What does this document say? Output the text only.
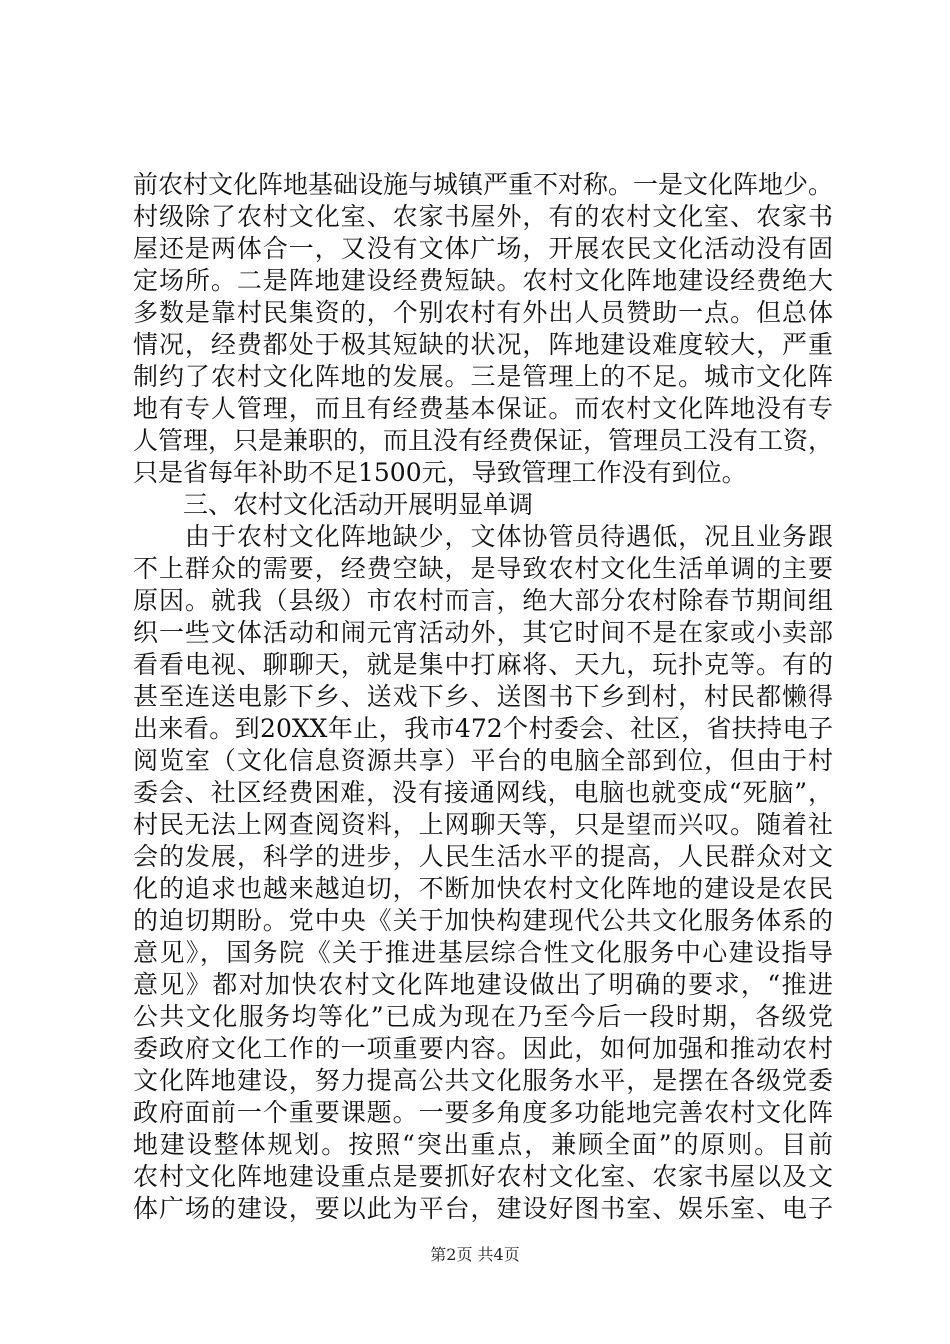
前农村文化阵地基础设施与城镇严重不对称。一是文化阵地少。
村级除了农村文化室、农家书屋外，有的农村文化室、农家书
屋还是两体合一，又没有文体广场，开展农民文化活动没有固
定场所。二是阵地建设经费短缺。农村文化阵地建设经费绝大
多数是靠村民集资的，个别农村有外出人员赞助一点。但总体
情况，经费都处于极其短缺的状况，阵地建设难度较大，严重
制约了农村文化阵地的发展。三是管理上的不足。城市文化阵
地有专人管理，而且有经费基本保证。而农村文化阵地没有专
人管理，只是兼职的，而且没有经费保证，管理员工没有工资，
只是省每年补助不足1500元，导致管理工作没有到位。
　　三、农村文化活动开展明显单调
　　由于农村文化阵地缺少，文体协管员待遇低，况且业务跟
不上群众的需要，经费空缺，是导致农村文化生活单调的主要
原因。就我（县级）市农村而言，绝大部分农村除春节期间组
织一些文体活动和闹元宵活动外，其它时间不是在家或小卖部
看看电视、聊聊天，就是集中打麻将、天九，玩扑克等。有的
甚至连送电影下乡、送戏下乡、送图书下乡到村，村民都懒得
出来看。到20XX年止，我市472个村委会、社区，省扶持电子
阅览室（文化信息资源共享）平台的电脑全部到位，但由于村
委会、社区经费困难，没有接通网线，电脑也就变成“死脑”，
村民无法上网查阅资料，上网聊天等，只是望而兴叹。随着社
会的发展，科学的进步，人民生活水平的提高，人民群众对文
化的追求也越来越迫切，不断加快农村文化阵地的建设是农民
的迫切期盼。党中央《关于加快构建现代公共文化服务体系的
意见》，国务院《关于推进基层综合性文化服务中心建设指导
意见》都对加快农村文化阵地建设做出了明确的要求，“推进
公共文化服务均等化”已成为现在乃至今后一段时期，各级党
委政府文化工作的一项重要内容。因此，如何加强和推动农村
文化阵地建设，努力提高公共文化服务水平，是摆在各级党委
政府面前一个重要课题。一要多角度多功能地完善农村文化阵
地建设整体规划。按照“突出重点，兼顾全面”的原则。目前
农村文化阵地建设重点是要抓好农村文化室、农家书屋以及文
体广场的建设，要以此为平台，建设好图书室、娱乐室、电子
第2页 共4页
